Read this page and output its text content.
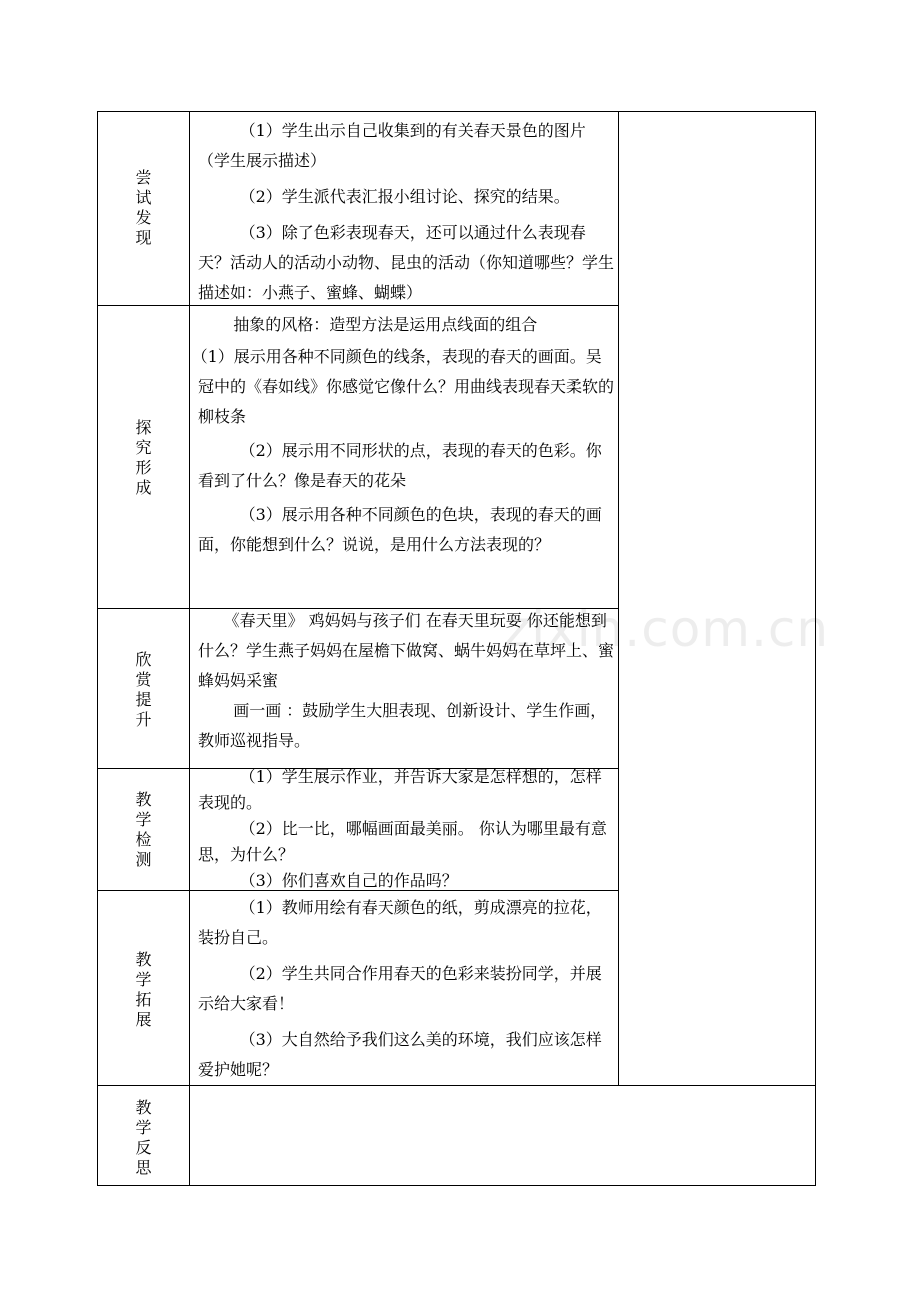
尝
试
发
现

（1）学生出示自己收集到的有关春天景色的图片（学生展示描述）

（2）学生派代表汇报小组讨论、探究的结果。

（3）除了色彩表现春天，还可以通过什么表现春天？活动人的活动小动物、昆虫的活动（你知道哪些？学生描述如：小燕子、蜜蜂、蝴蝶）

探
究
形
成

抽象的风格：造型方法是运用点线面的组合

（1）展示用各种不同颜色的线条，表现的春天的画面。吴冠中的《春如线》你感觉它像什么？用曲线表现春天柔软的柳枝条

（2）展示用不同形状的点，表现的春天的色彩。你看到了什么？像是春天的花朵

（3）展示用各种不同颜色的色块，表现的春天的画面，你能想到什么？说说，是用什么方法表现的？

欣
赏
提
升

《春天里》 鸡妈妈与孩子们 在春天里玩耍 你还能想到什么？学生燕子妈妈在屋檐下做窝、蜗牛妈妈在草坪上、蜜蜂妈妈采蜜

画一画 ：鼓励学生大胆表现、创新设计、学生作画，教师巡视指导。

教
学
检
测

（1）学生展示作业，并告诉大家是怎样想的，怎样表现的。

（2）比一比，哪幅画面最美丽。 你认为哪里最有意思，为什么？

（3）你们喜欢自己的作品吗？

教
学
拓
展

（1）教师用绘有春天颜色的纸，剪成漂亮的拉花，装扮自己。

（2）学生共同合作用春天的色彩来装扮同学，并展示给大家看！

（3）大自然给予我们这么美的环境，我们应该怎样爱护她呢？

教
学
反
思
zixin.com.cn
